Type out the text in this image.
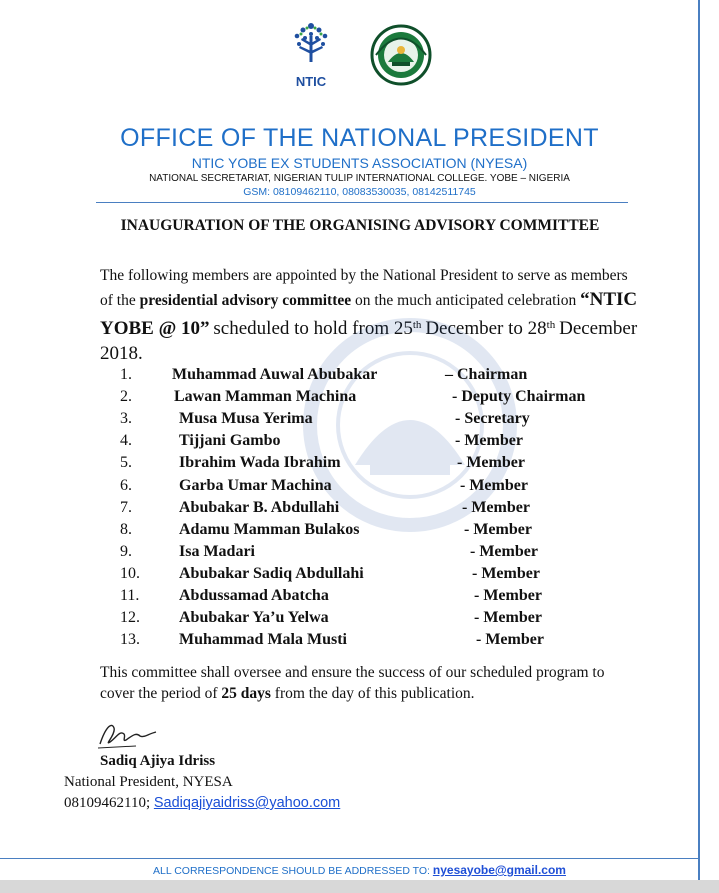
NTIC
OFFICE OF THE NATIONAL PRESIDENT
NTIC YOBE EX STUDENTS ASSOCIATION (NYESA)
NATIONAL SECRETARIAT, NIGERIAN TULIP INTERNATIONAL COLLEGE. YOBE – NIGERIA
GSM: 08109462110, 08083530035, 08142511745
INAUGURATION OF THE ORGANISING ADVISORY COMMITTEE
The following members are appointed by the National President to serve as members of the presidential advisory committee on the much anticipated celebration “NTIC YOBE @ 10” scheduled to hold from 25th December to 28th December 2018.
1.	Muhammad Auwal Abubakar	– Chairman
2.	Lawan Mamman Machina	- Deputy Chairman
3.	Musa Musa Yerima	- Secretary
4.	Tijjani Gambo	- Member
5.	Ibrahim Wada Ibrahim	- Member
6.	Garba Umar Machina	- Member
7.	Abubakar B. Abdullahi	- Member
8.	Adamu Mamman Bulakos	- Member
9.	Isa Madari	- Member
10. Abubakar Sadiq Abdullahi	- Member
11. Abdussamad Abatcha	- Member
12. Abubakar Ya’u Yelwa	- Member
13. Muhammad Mala Musti	- Member
This committee shall oversee and ensure the success of our scheduled program to cover the period of 25 days from the day of this publication.
Sadiq Ajiya Idriss
National President, NYESA
08109462110; Sadiqajiyaidriss@yahoo.com
ALL CORRESPONDENCE SHOULD BE ADDRESSED TO: nyesayobe@gmail.com
